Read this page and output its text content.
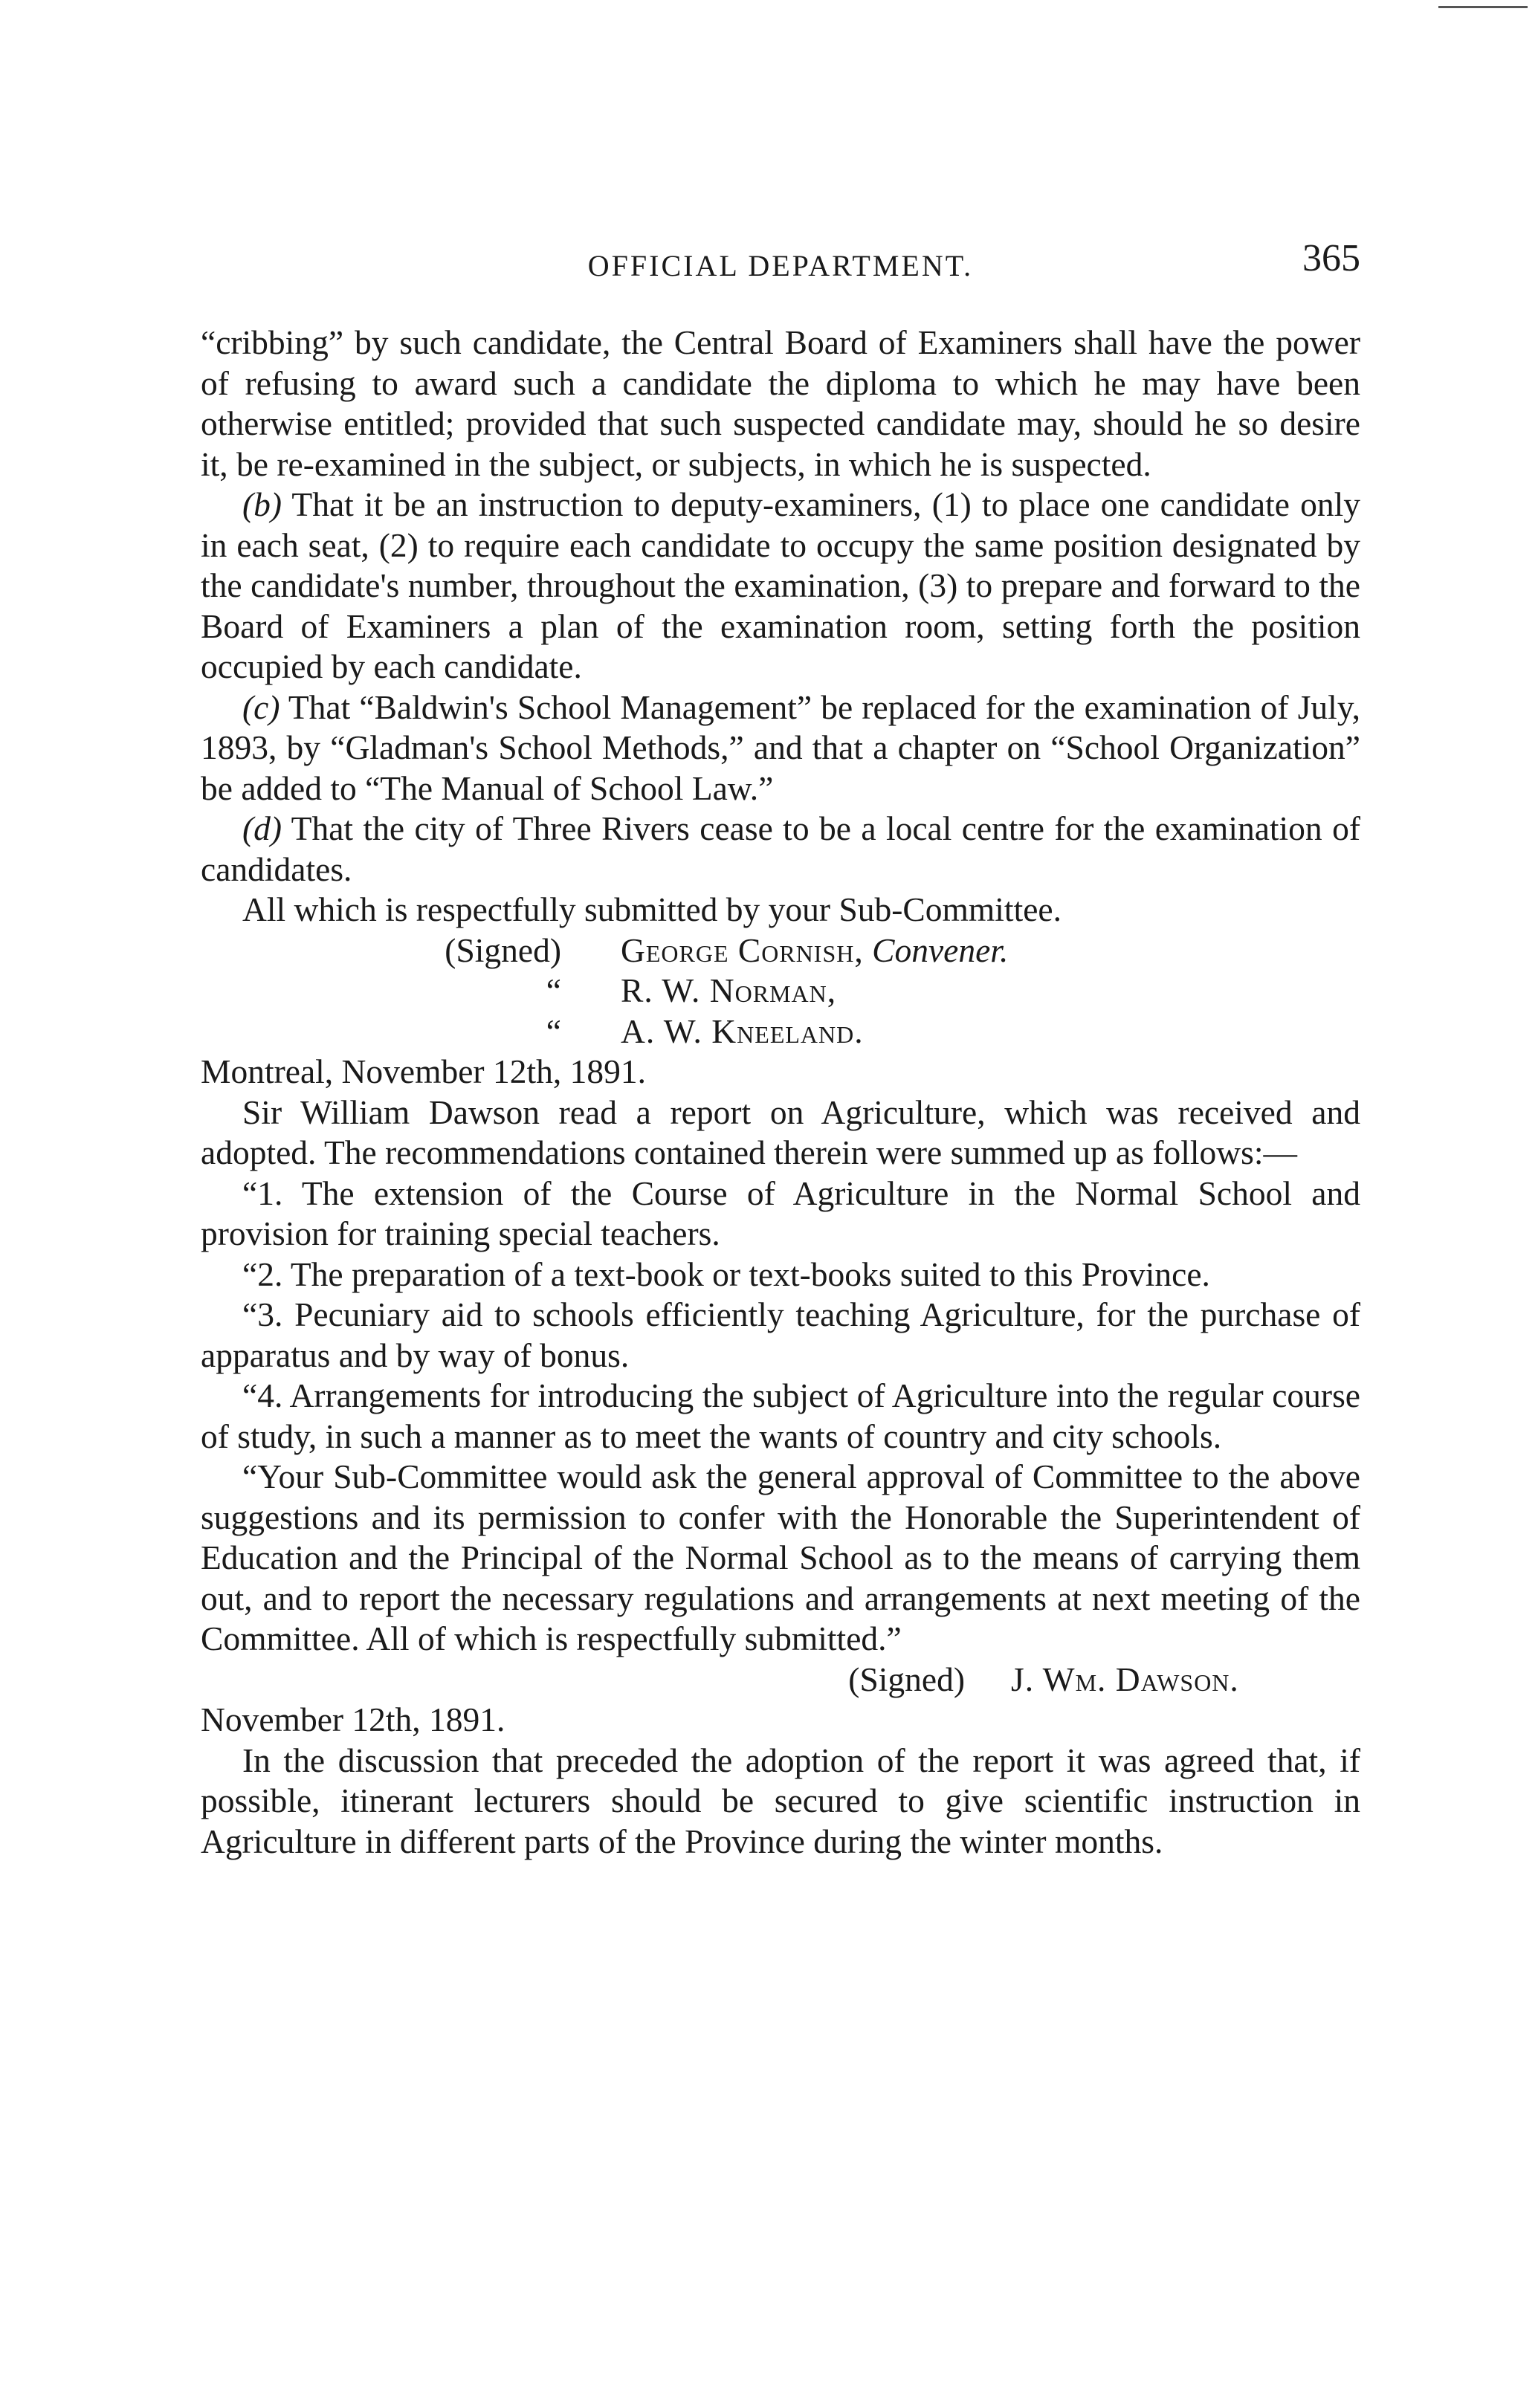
OFFICIAL DEPARTMENT.	365

“cribbing” by such candidate, the Central Board of Examiners shall have the power of refusing to award such a candidate the diploma to which he may have been otherwise entitled; provided that such suspected candidate may, should he so desire it, be re-examined in the subject, or subjects, in which he is suspected.

(b) That it be an instruction to deputy-examiners, (1) to place one candidate only in each seat, (2) to require each candidate to occupy the same position designated by the candidate's number, throughout the examination, (3) to prepare and forward to the Board of Examiners a plan of the examination room, setting forth the position occupied by each candidate.

(c) That “Baldwin's School Management” be replaced for the examination of July, 1893, by “Gladman's School Methods,” and that a chapter on “School Organization” be added to “The Manual of School Law.”

(d) That the city of Three Rivers cease to be a local centre for the examination of candidates.

All which is respectfully submitted by your Sub-Committee.

(Signed)	George Cornish, Convener.
“	R. W. Norman,
“	A. W. Kneeland.

Montreal, November 12th, 1891.

Sir William Dawson read a report on Agriculture, which was received and adopted. The recommendations contained therein were summed up as follows:—

“1. The extension of the Course of Agriculture in the Normal School and provision for training special teachers.

“2. The preparation of a text-book or text-books suited to this Province.

“3. Pecuniary aid to schools efficiently teaching Agriculture, for the purchase of apparatus and by way of bonus.

“4. Arrangements for introducing the subject of Agriculture into the regular course of study, in such a manner as to meet the wants of country and city schools.

“Your Sub-Committee would ask the general approval of Committee to the above suggestions and its permission to confer with the Honorable the Superintendent of Education and the Principal of the Normal School as to the means of carrying them out, and to report the necessary regulations and arrangements at next meeting of the Committee. All of which is respectfully submitted.”

(Signed)	J. Wm. Dawson.

November 12th, 1891.

In the discussion that preceded the adoption of the report it was agreed that, if possible, itinerant lecturers should be secured to give scientific instruction in Agriculture in different parts of the Province during the winter months.
